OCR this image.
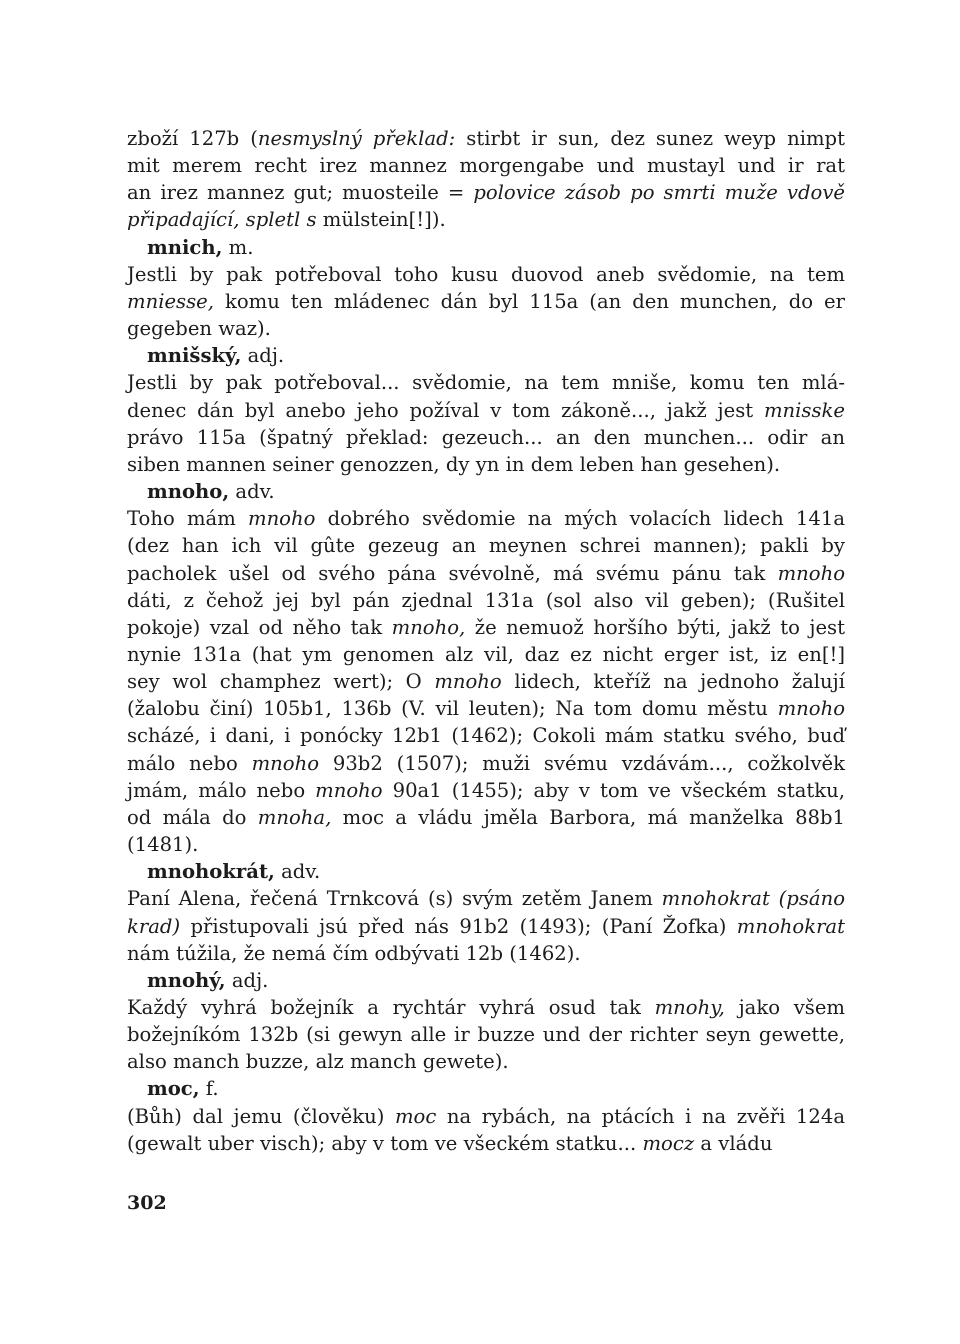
zboží 127b (nesmyslný překlad: stirbt ir sun, dez sunez weyp nimpt
mit merem recht irez mannez morgengabe und mustayl und ir rat
an irez mannez gut; muosteile = polovice zásob po smrti muže vdově
připadající, spletl s mülstein[!]).
mnich, m.
Jestli by pak potřeboval toho kusu duovod aneb svědomie, na tem
mniesse, komu ten mládenec dán byl 115a (an den munchen, do er
gegeben waz).
mnišský, adj.
Jestli by pak potřeboval... svědomie, na tem mniše, komu ten mlá-
denec dán byl anebo jeho požíval v tom zákoně..., jakž jest mnisske
právo 115a (špatný překlad: gezeuch... an den munchen... odir an
siben mannen seiner genozzen, dy yn in dem leben han gesehen).
mnoho, adv.
Toho mám mnoho dobrého svědomie na mých volacích lidech 141a
(dez han ich vil gûte gezeug an meynen schrei mannen); pakli by
pacholek ušel od svého pána svévolně, má svému pánu tak mnoho
dáti, z čehož jej byl pán zjednal 131a (sol also vil geben); (Rušitel
pokoje) vzal od něho tak mnoho, že nemuož horšího býti, jakž to jest
nynie 131a (hat ym genomen alz vil, daz ez nicht erger ist, iz en[!]
sey wol champhez wert); O mnoho lidech, kteříž na jednoho žalují
(žalobu činí) 105b1, 136b (V. vil leuten); Na tom domu městu mnoho
scházé, i dani, i ponócky 12b1 (1462); Cokoli mám statku svého, buď
málo nebo mnoho 93b2 (1507); muži svému vzdávám..., cožkolvěk
jmám, málo nebo mnoho 90a1 (1455); aby v tom ve všeckém statku,
od mála do mnoha, moc a vládu jměla Barbora, má manželka 88b1
(1481).
mnohokrát, adv.
Paní Alena, řečená Trnkcová (s) svým zetěm Janem mnohokrat (psáno
krad) přistupovali jsú před nás 91b2 (1493); (Paní Žofka) mnohokrat
nám túžila, že nemá čím odbývati 12b (1462).
mnohý, adj.
Každý vyhrá božejník a rychtár vyhrá osud tak mnohy, jako všem
božejníkóm 132b (si gewyn alle ir buzze und der richter seyn gewette,
also manch buzze, alz manch gewete).
moc, f.
(Bůh) dal jemu (člověku) moc na rybách, na ptácích i na zvěři 124a
(gewalt uber visch); aby v tom ve všeckém statku... mocz a vládu
302
